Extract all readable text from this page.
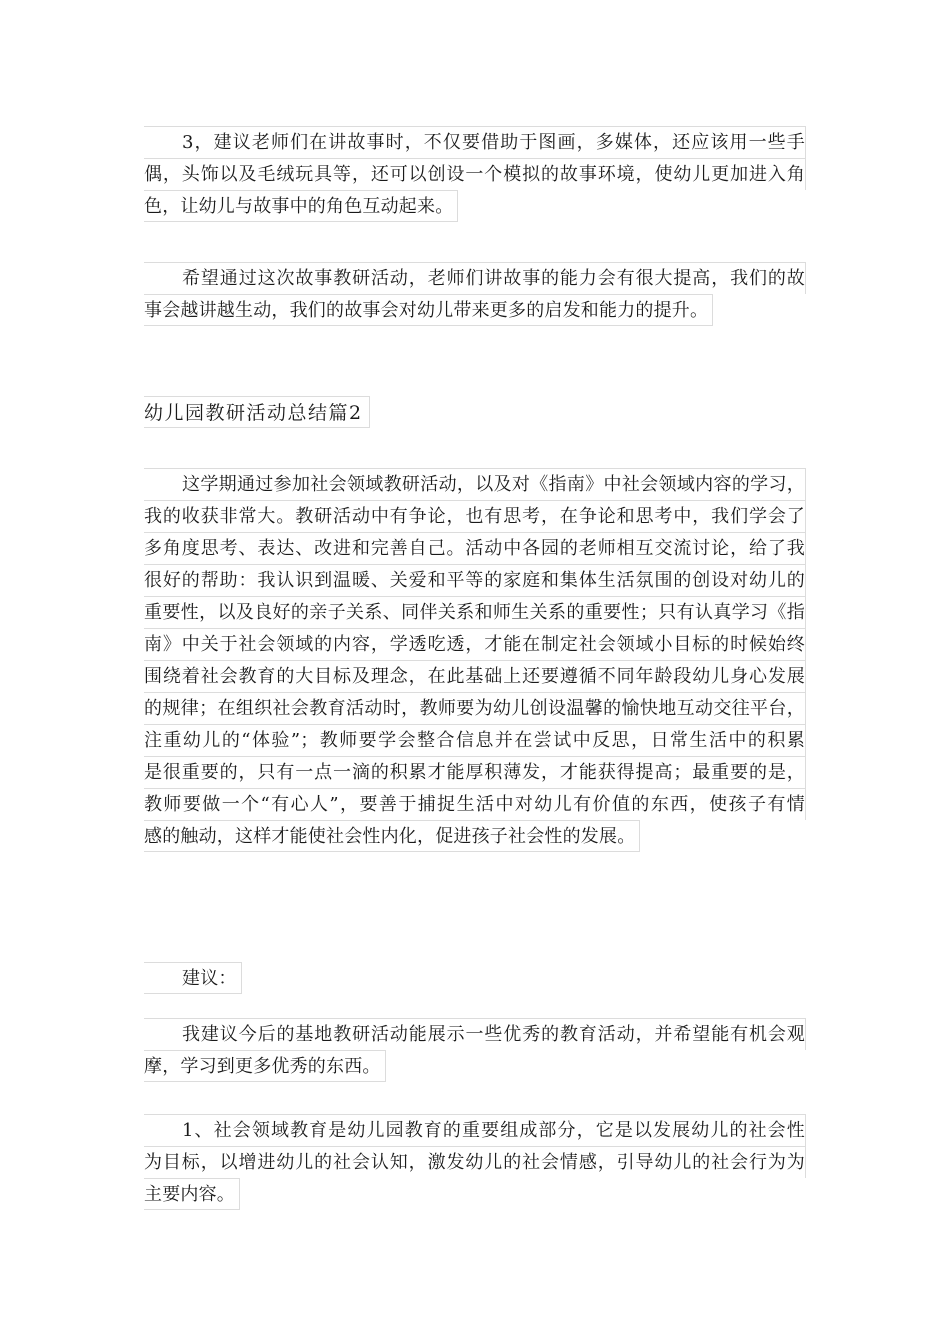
3，建议老师们在讲故事时，不仅要借助于图画，多媒体，还应该用一些手
偶，头饰以及毛绒玩具等，还可以创设一个模拟的故事环境，使幼儿更加进入角
色，让幼儿与故事中的角色互动起来。
希望通过这次故事教研活动，老师们讲故事的能力会有很大提高，我们的故
事会越讲越生动，我们的故事会对幼儿带来更多的启发和能力的提升。
幼儿园教研活动总结篇2
这学期通过参加社会领域教研活动，以及对《指南》中社会领域内容的学习，
我的收获非常大。教研活动中有争论，也有思考，在争论和思考中，我们学会了
多角度思考、表达、改进和完善自己。活动中各园的老师相互交流讨论，给了我
很好的帮助：我认识到温暖、关爱和平等的家庭和集体生活氛围的创设对幼儿的
重要性，以及良好的亲子关系、同伴关系和师生关系的重要性；只有认真学习《指
南》中关于社会领域的内容，学透吃透，才能在制定社会领域小目标的时候始终
围绕着社会教育的大目标及理念，在此基础上还要遵循不同年龄段幼儿身心发展
的规律；在组织社会教育活动时，教师要为幼儿创设温馨的愉快地互动交往平台，
注重幼儿的“体验”；教师要学会整合信息并在尝试中反思，日常生活中的积累
是很重要的，只有一点一滴的积累才能厚积薄发，才能获得提高；最重要的是，
教师要做一个“有心人”，要善于捕捉生活中对幼儿有价值的东西，使孩子有情
感的触动，这样才能使社会性内化，促进孩子社会性的发展。
建议：
我建议今后的基地教研活动能展示一些优秀的教育活动，并希望能有机会观
摩，学习到更多优秀的东西。
1、社会领域教育是幼儿园教育的重要组成部分，它是以发展幼儿的社会性
为目标，以增进幼儿的社会认知，激发幼儿的社会情感，引导幼儿的社会行为为
主要内容。
